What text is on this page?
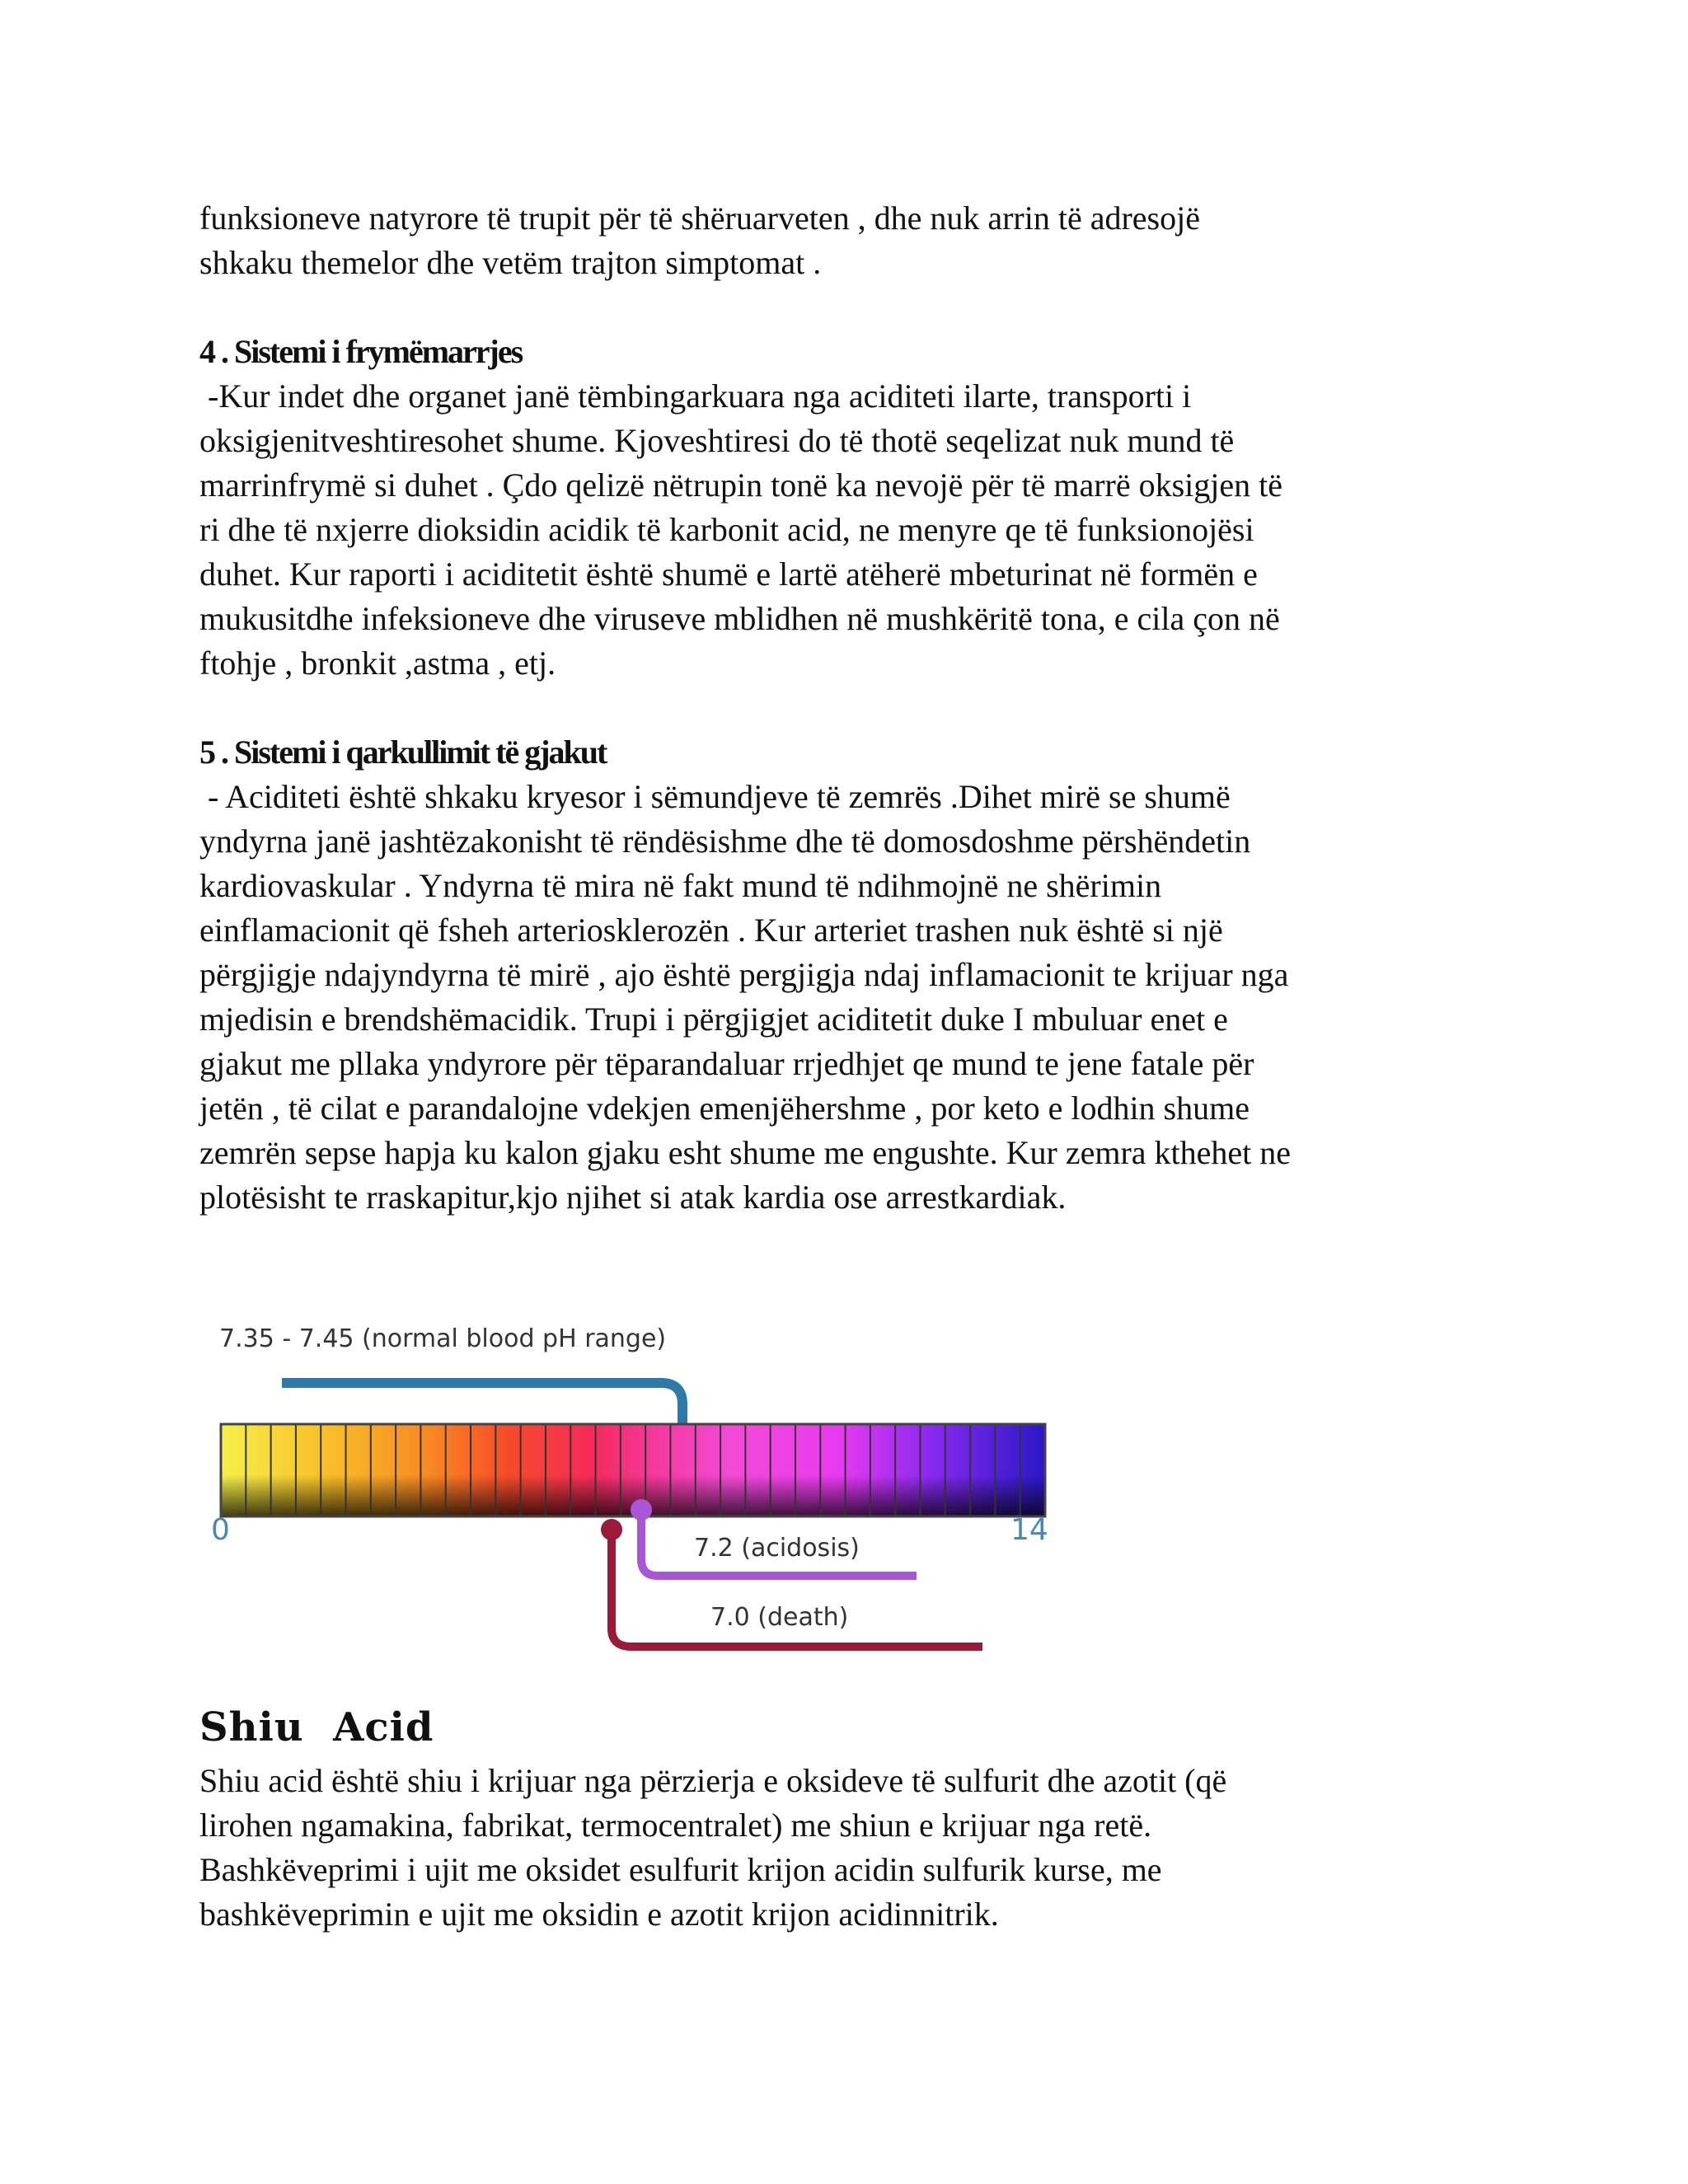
funksioneve natyrore të trupit për të shëruarveten , dhe nuk arrin të adresojë
shkaku themelor dhe vetëm trajton simptomat .

4 . Sistemi i frymëmarrjes

-Kur indet dhe organet janë tëmbingarkuara nga aciditeti ilarte, transporti i
oksigjenitveshtiresohet shume. Kjoveshtiresi do të thotë seqelizat nuk mund të
marrinfrymë si duhet . Çdo qelizë nëtrupin tonë ka nevojë për të marrë oksigjen të
ri dhe të nxjerre dioksidin acidik të karbonit acid, ne menyre qe të funksionojësi
duhet. Kur raporti i aciditetit është shumë e lartë atëherë mbeturinat në formën e
mukusitdhe infeksioneve dhe viruseve mblidhen në mushkëritë tona, e cila çon në
ftohje , bronkit ,astma , etj.

5 . Sistemi i qarkullimit të gjakut

- Aciditeti është shkaku kryesor i sëmundjeve të zemrës .Dihet mirë se shumë
yndyrna janë jashtëzakonisht të rëndësishme dhe të domosdoshme përshëndetin
kardiovaskular . Yndyrna të mira në fakt mund të ndihmojnë ne shërimin
einflamacionit që fsheh arteriosklerozën . Kur arteriet trashen nuk është si një
përgjigje ndajyndyrna të mirë , ajo është pergjigja ndaj inflamacionit te krijuar nga
mjedisin e brendshëmacidik. Trupi i përgjigjet aciditetit duke I mbuluar enet e
gjakut me pllaka yndyrore për tëparandaluar rrjedhjet qe mund te jene fatale për
jetën , të cilat e parandalojne vdekjen emenjëhershme , por keto e lodhin shume
zemrën sepse hapja ku kalon gjaku esht shume me engushte. Kur zemra kthehet ne
plotësisht te rraskapitur,kjo njihet si atak kardia ose arrestkardiak.
7.35 - 7.45 (normal blood pH range)
0	14
7.2 (acidosis)
7.0 (death)
Shiu  Acid
Shiu acid është shiu i krijuar nga përzierja e oksideve të sulfurit dhe azotit (që
lirohen ngamakina, fabrikat, termocentralet) me shiun e krijuar nga retë.
Bashkëveprimi i ujit me oksidet esulfurit krijon acidin sulfurik kurse, me
bashkëveprimin e ujit me oksidin e azotit krijon acidinnitrik.
